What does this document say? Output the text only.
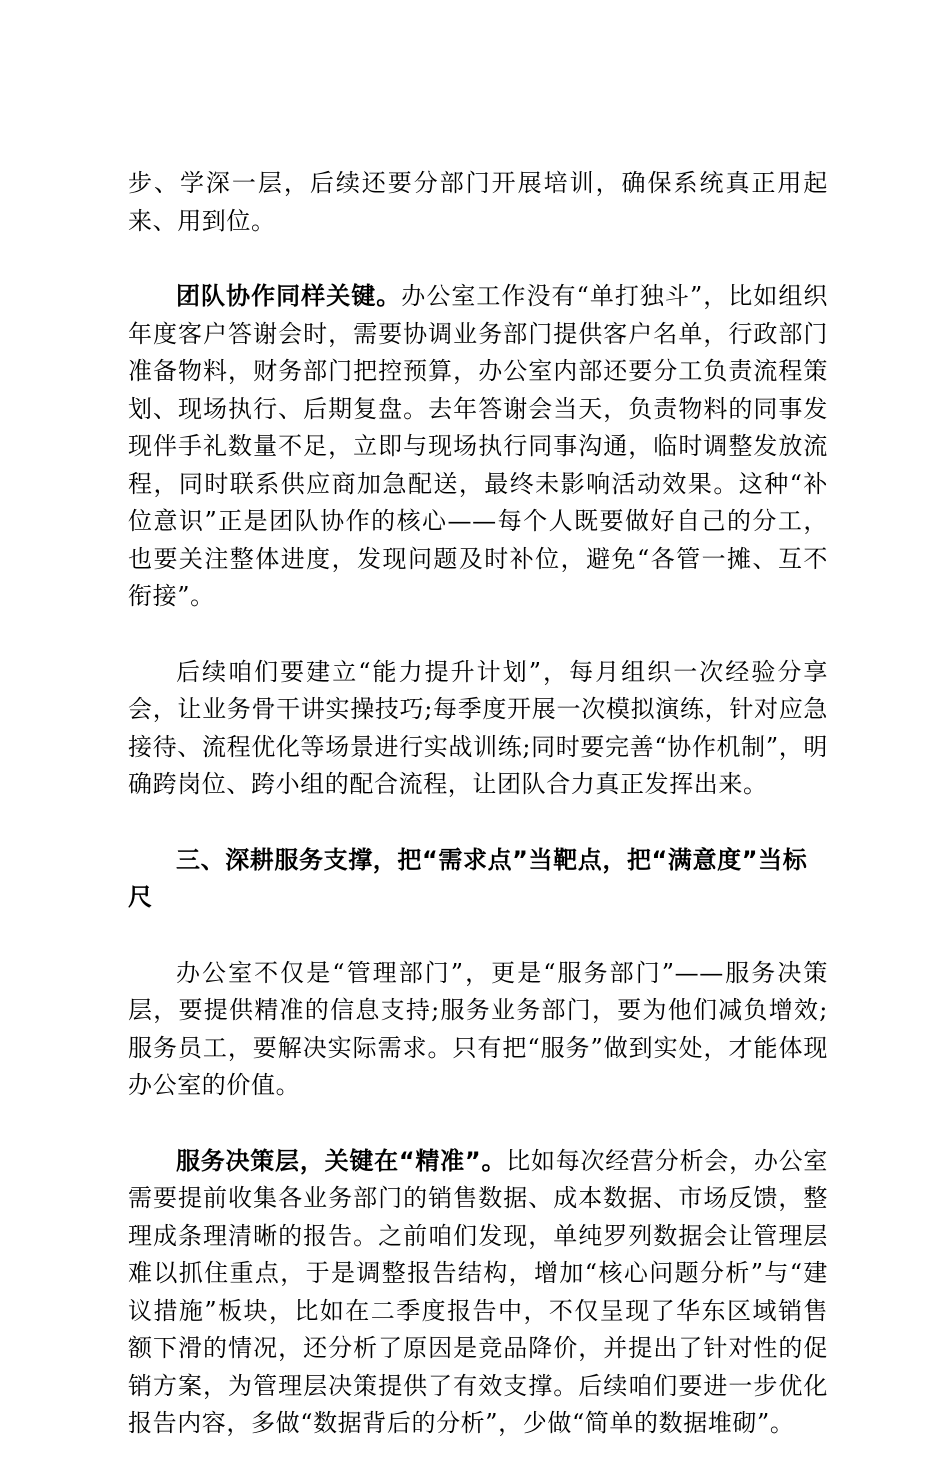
步、学深一层，后续还要分部门开展培训，确保系统真正用起来、用到位。

团队协作同样关键。办公室工作没有“单打独斗”，比如组织年度客户答谢会时，需要协调业务部门提供客户名单，行政部门准备物料，财务部门把控预算，办公室内部还要分工负责流程策划、现场执行、后期复盘。去年答谢会当天，负责物料的同事发现伴手礼数量不足，立即与现场执行同事沟通，临时调整发放流程，同时联系供应商加急配送，最终未影响活动效果。这种“补位意识”正是团队协作的核心——每个人既要做好自己的分工，也要关注整体进度，发现问题及时补位，避免“各管一摊、互不衔接”。

后续咱们要建立“能力提升计划”，每月组织一次经验分享会，让业务骨干讲实操技巧;每季度开展一次模拟演练，针对应急接待、流程优化等场景进行实战训练;同时要完善“协作机制”，明确跨岗位、跨小组的配合流程，让团队合力真正发挥出来。

三、深耕服务支撑，把“需求点”当靶点，把“满意度”当标尺

办公室不仅是“管理部门”，更是“服务部门”——服务决策层，要提供精准的信息支持;服务业务部门，要为他们减负增效;服务员工，要解决实际需求。只有把“服务”做到实处，才能体现办公室的价值。

服务决策层，关键在“精准”。比如每次经营分析会，办公室需要提前收集各业务部门的销售数据、成本数据、市场反馈，整理成条理清晰的报告。之前咱们发现，单纯罗列数据会让管理层难以抓住重点，于是调整报告结构，增加“核心问题分析”与“建议措施”板块，比如在二季度报告中，不仅呈现了华东区域销售额下滑的情况，还分析了原因是竞品降价，并提出了针对性的促销方案，为管理层决策提供了有效支撑。后续咱们要进一步优化报告内容，多做“数据背后的分析”，少做“简单的数据堆砌”。
